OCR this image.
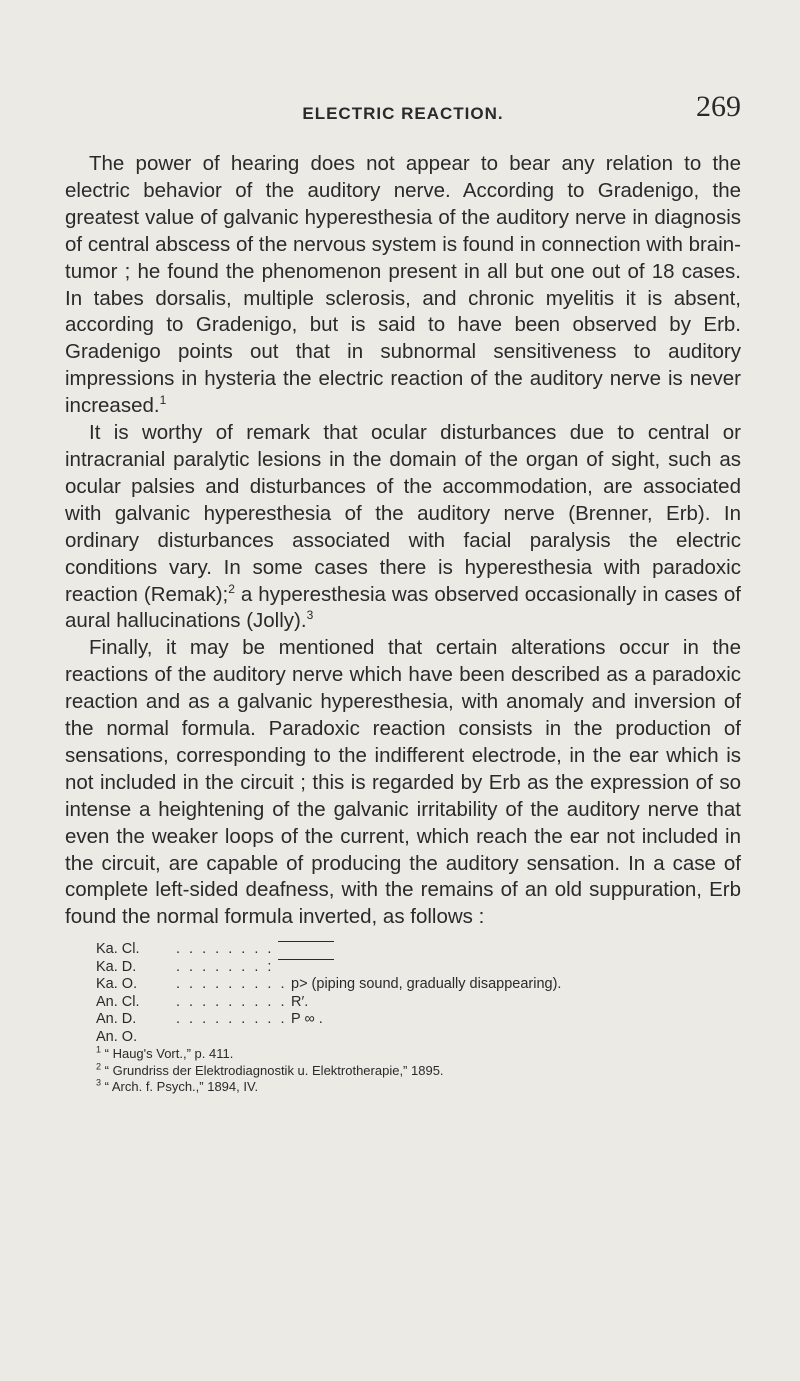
ELECTRIC REACTION.	269

The power of hearing does not appear to bear any relation to the electric behavior of the auditory nerve. According to Gradenigo, the greatest value of galvanic hyperesthesia of the auditory nerve in diagnosis of central abscess of the nervous system is found in connection with brain-tumor ; he found the phenomenon present in all but one out of 18 cases. In tabes dorsalis, multiple sclerosis, and chronic myelitis it is absent, according to Gradenigo, but is said to have been observed by Erb. Gradenigo points out that in subnormal sensitiveness to auditory impressions in hysteria the electric reaction of the auditory nerve is never increased.$^1$

It is worthy of remark that ocular disturbances due to central or intracranial paralytic lesions in the domain of the organ of sight, such as ocular palsies and disturbances of the accommodation, are associated with galvanic hyperesthesia of the auditory nerve (Brenner, Erb). In ordinary disturbances associated with facial paralysis the electric conditions vary. In some cases there is hyperesthesia with paradoxic reaction (Remak);$^2$ a hyperesthesia was observed occasionally in cases of aural hallucinations (Jolly).$^3$

Finally, it may be mentioned that certain alterations occur in the reactions of the auditory nerve which have been described as a paradoxic reaction and as a galvanic hyperesthesia, with anomaly and inversion of the normal formula. Paradoxic reaction consists in the production of sensations, corresponding to the indifferent electrode, in the ear which is not included in the circuit ; this is regarded by Erb as the expression of so intense a heightening of the galvanic irritability of the auditory nerve that even the weaker loops of the current, which reach the ear not included in the circuit, are capable of producing the auditory sensation. In a case of complete left-sided deafness, with the remains of an old suppuration, Erb found the normal formula inverted, as follows :

Ka. Cl.	. . . . . . . .
Ka. D.	. . . . . . . :
Ka. O.	. . . . . . . . . p> (piping sound, gradually disappearing).
An. Cl.	. . . . . . . . . R′.
An. D.	. . . . . . . . . P ∞ .
An. O.
$^1$ “ Haug's Vort.,” p. 411.
$^2$ “ Grundriss der Elektrodiagnostik u. Elektrotherapie,” 1895.
$^3$ “ Arch. f. Psych.,” 1894, IV.
